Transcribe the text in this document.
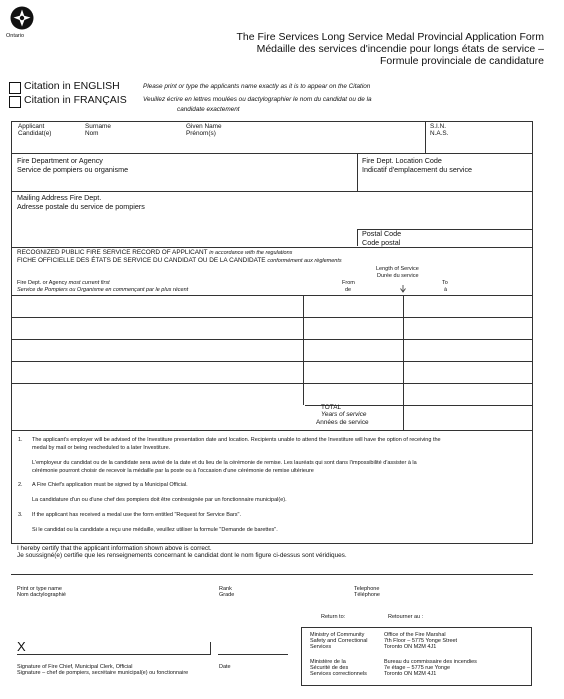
Ontario	The Fire Services Long Service Medal Provincial Application Form
Médaille des services d'incendie pour longs états de service –
Formule provinciale de candidature
Citation in ENGLISH
Citation in FRANÇAIS
Please print or type the applicants name exactly as it is to appear on the Citation
Veuillez écrire en lettres moulées ou dactylographier le nom du candidat ou de la
candidate exactement
Applicant
Candidat(e)
Surname
Nom
Given Name
Prénom(s)
S.I.N.
N.A.S.
Fire Department or Agency
Service de pompiers ou organisme
Fire Dept. Location Code
Indicatif d'emplacement du service
Mailing Address Fire Dept.
Adresse postale du service de pompiers
Postal Code
Code postal
RECOGNIZED PUBLIC FIRE SERVICE RECORD OF APPLICANT in accordance with the regulations
FICHE OFFICIELLE DES ÉTATS DE SERVICE DU CANDIDAT OU DE LA CANDIDATE conformément aux règlements
Length of Service
Durée du service
Fire Dept. or Agency most current first
Service de Pompiers ou Organisme en commençant par le plus récent
From
de
To
à
TOTAL
Years of service
Années de service
1. The applicant's employer will be advised of the Investiture presentation date and location. Recipients unable to attend the Investiture will have the option of receiving the
medal by mail or being rescheduled to a later Investiture.
L'employeur du candidat ou de la candidate sera avisé de la date et du lieu de la cérémonie de remise. Les lauréats qui sont dans l'impossibilité d'assister à la
cérémonie pourront choisir de recevoir la médaille par la poste ou à l'occasion d'une cérémonie de remise ultérieure
2. A Fire Chief's application must be signed by a Municipal Official.
La candidature d'un ou d'une chef des pompiers doit être contresignée par un fonctionnaire municipal(e).
3. If the applicant has received a medal use the form entitled "Request for Service Bars".
Si le candidat ou la candidate a reçu une médaille, veuillez utiliser la formule "Demande de barettes".
I hereby certify that the applicant information shown above is correct.
Je soussigné(e) certifie que les renseignements concernant le candidat dont le nom figure ci-dessus sont véridiques.
Print or type name
Nom dactylographié
Rank
Grade
Telephone
Téléphone
Return to:	Retourner au :
X
Signature of Fire Chief, Municipal Clerk, Official
Signature – chef de pompiers, secrétaire municipal(e) ou fonctionnaire
Date
Ministry of Community
Safety and Correctional
Services
Office of the Fire Marshal
7th Floor – 5775 Yonge Street
Toronto ON M2M 4J1
Ministère de la
Sécurité de des
Services correctionnels
Bureau du commissaire des incendies
7e étage – 5775 rue Yonge
Toronto ON M2M 4J1
